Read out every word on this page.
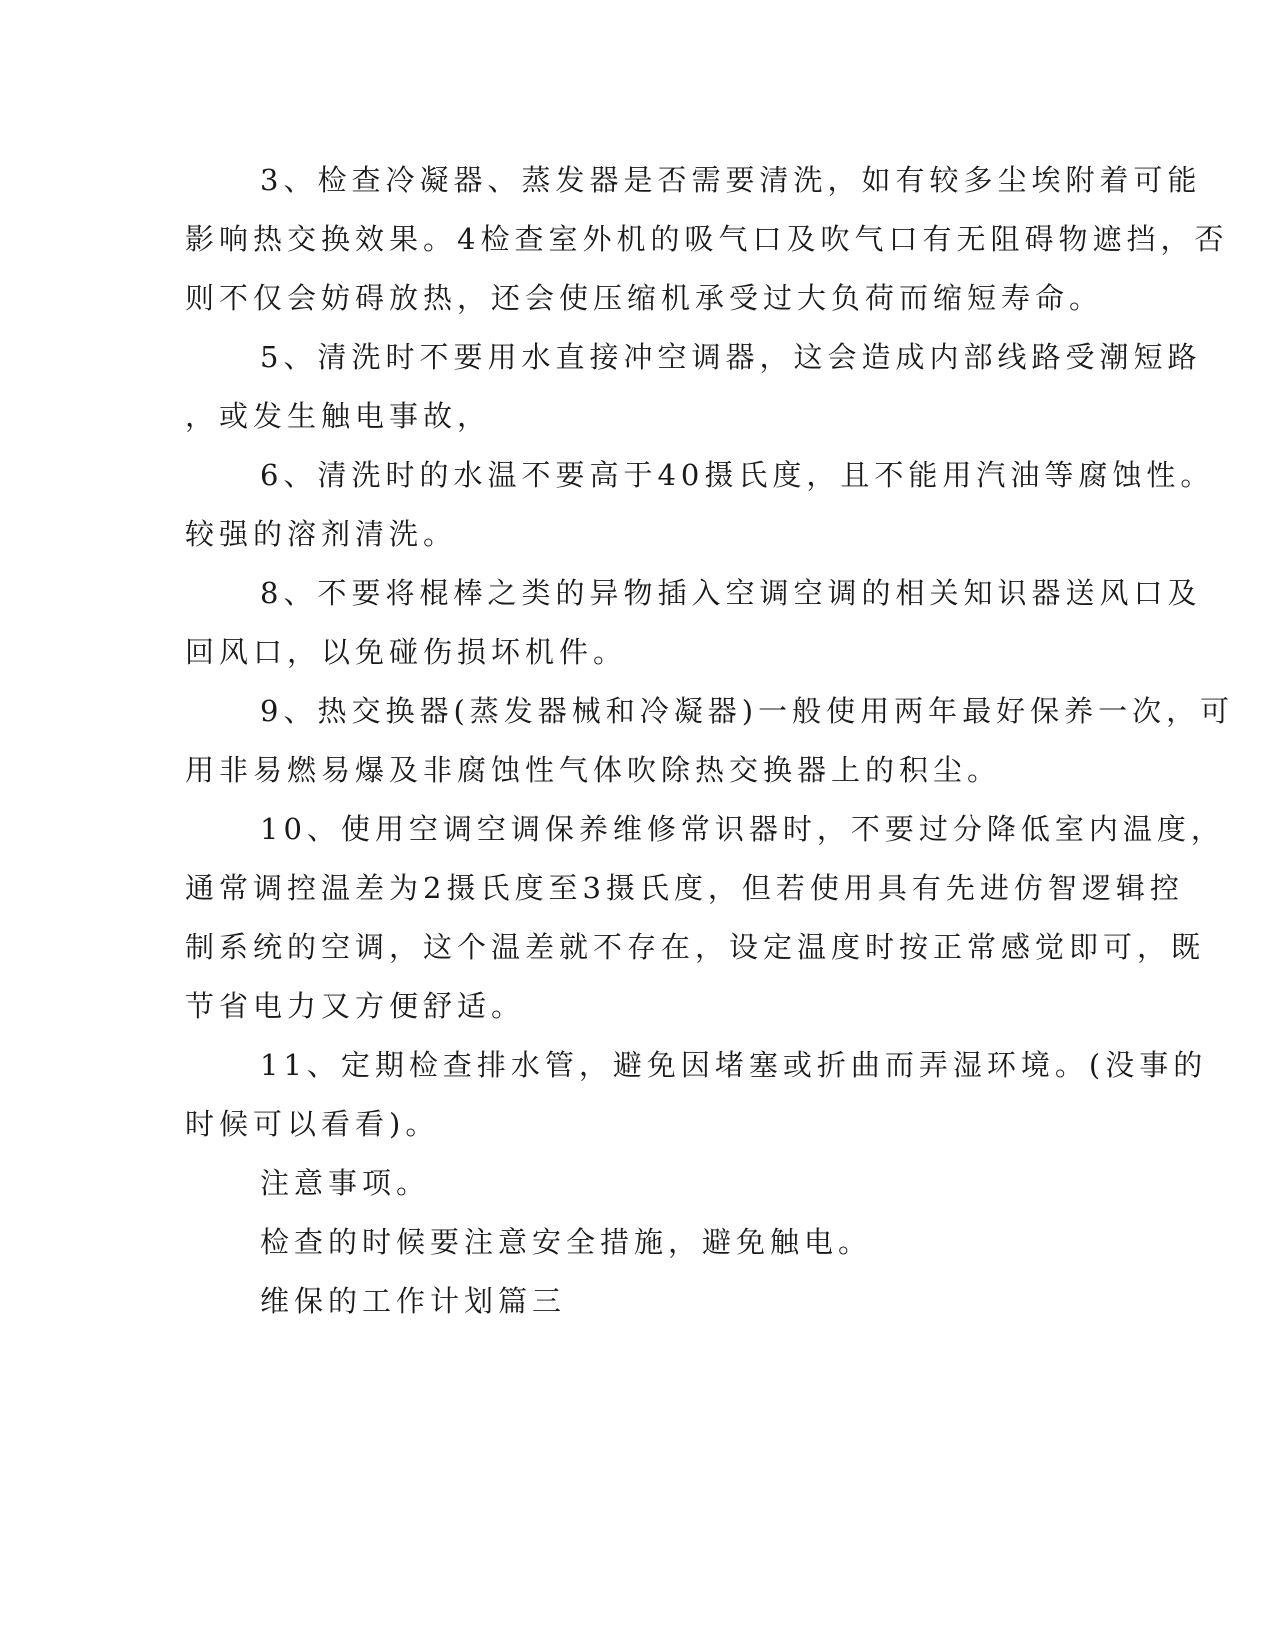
3、检查冷凝器、蒸发器是否需要清洗，如有较多尘埃附着可能
影响热交换效果。4检查室外机的吸气口及吹气口有无阻碍物遮挡，否
则不仅会妨碍放热，还会使压缩机承受过大负荷而缩短寿命。
5、清洗时不要用水直接冲空调器，这会造成内部线路受潮短路
，或发生触电事故，
6、清洗时的水温不要高于40摄氏度，且不能用汽油等腐蚀性。
较强的溶剂清洗。
8、不要将棍棒之类的异物插入空调空调的相关知识器送风口及
回风口，以免碰伤损坏机件。
9、热交换器(蒸发器械和冷凝器)一般使用两年最好保养一次，可
用非易燃易爆及非腐蚀性气体吹除热交换器上的积尘。
10、使用空调空调保养维修常识器时，不要过分降低室内温度，
通常调控温差为2摄氏度至3摄氏度，但若使用具有先进仿智逻辑控
制系统的空调，这个温差就不存在，设定温度时按正常感觉即可，既
节省电力又方便舒适。
11、定期检查排水管，避免因堵塞或折曲而弄湿环境。(没事的
时候可以看看)。
注意事项。
检查的时候要注意安全措施，避免触电。
维保的工作计划篇三
